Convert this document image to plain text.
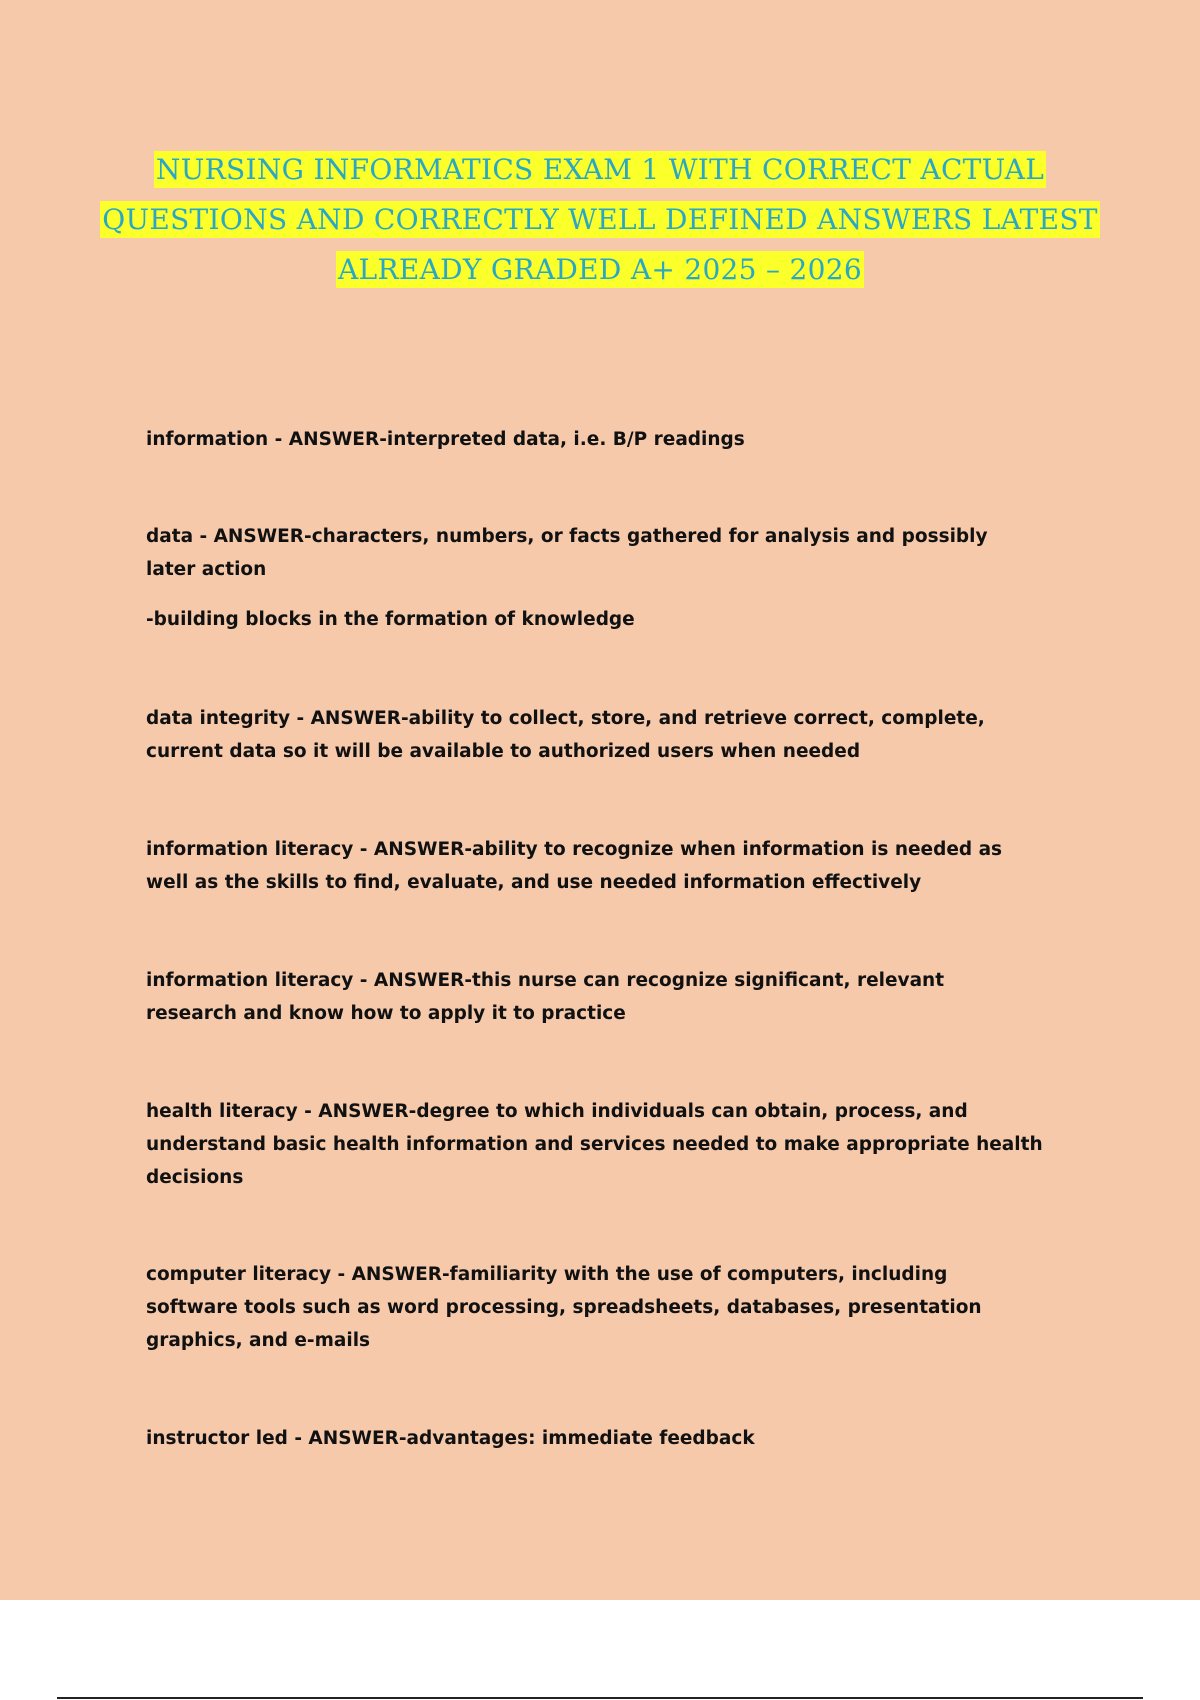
NURSING INFORMATICS EXAM 1 WITH CORRECT ACTUAL
QUESTIONS AND CORRECTLY WELL DEFINED ANSWERS LATEST
ALREADY GRADED A+ 2025 – 2026

information - ANSWER-interpreted data, i.e. B/P readings

data - ANSWER-characters, numbers, or facts gathered for analysis and possibly
later action

-building blocks in the formation of knowledge

data integrity - ANSWER-ability to collect, store, and retrieve correct, complete,
current data so it will be available to authorized users when needed

information literacy - ANSWER-ability to recognize when information is needed as
well as the skills to find, evaluate, and use needed information effectively

information literacy - ANSWER-this nurse can recognize significant, relevant
research and know how to apply it to practice

health literacy - ANSWER-degree to which individuals can obtain, process, and
understand basic health information and services needed to make appropriate health
decisions

computer literacy - ANSWER-familiarity with the use of computers, including
software tools such as word processing, spreadsheets, databases, presentation
graphics, and e-mails

instructor led - ANSWER-advantages: immediate feedback
